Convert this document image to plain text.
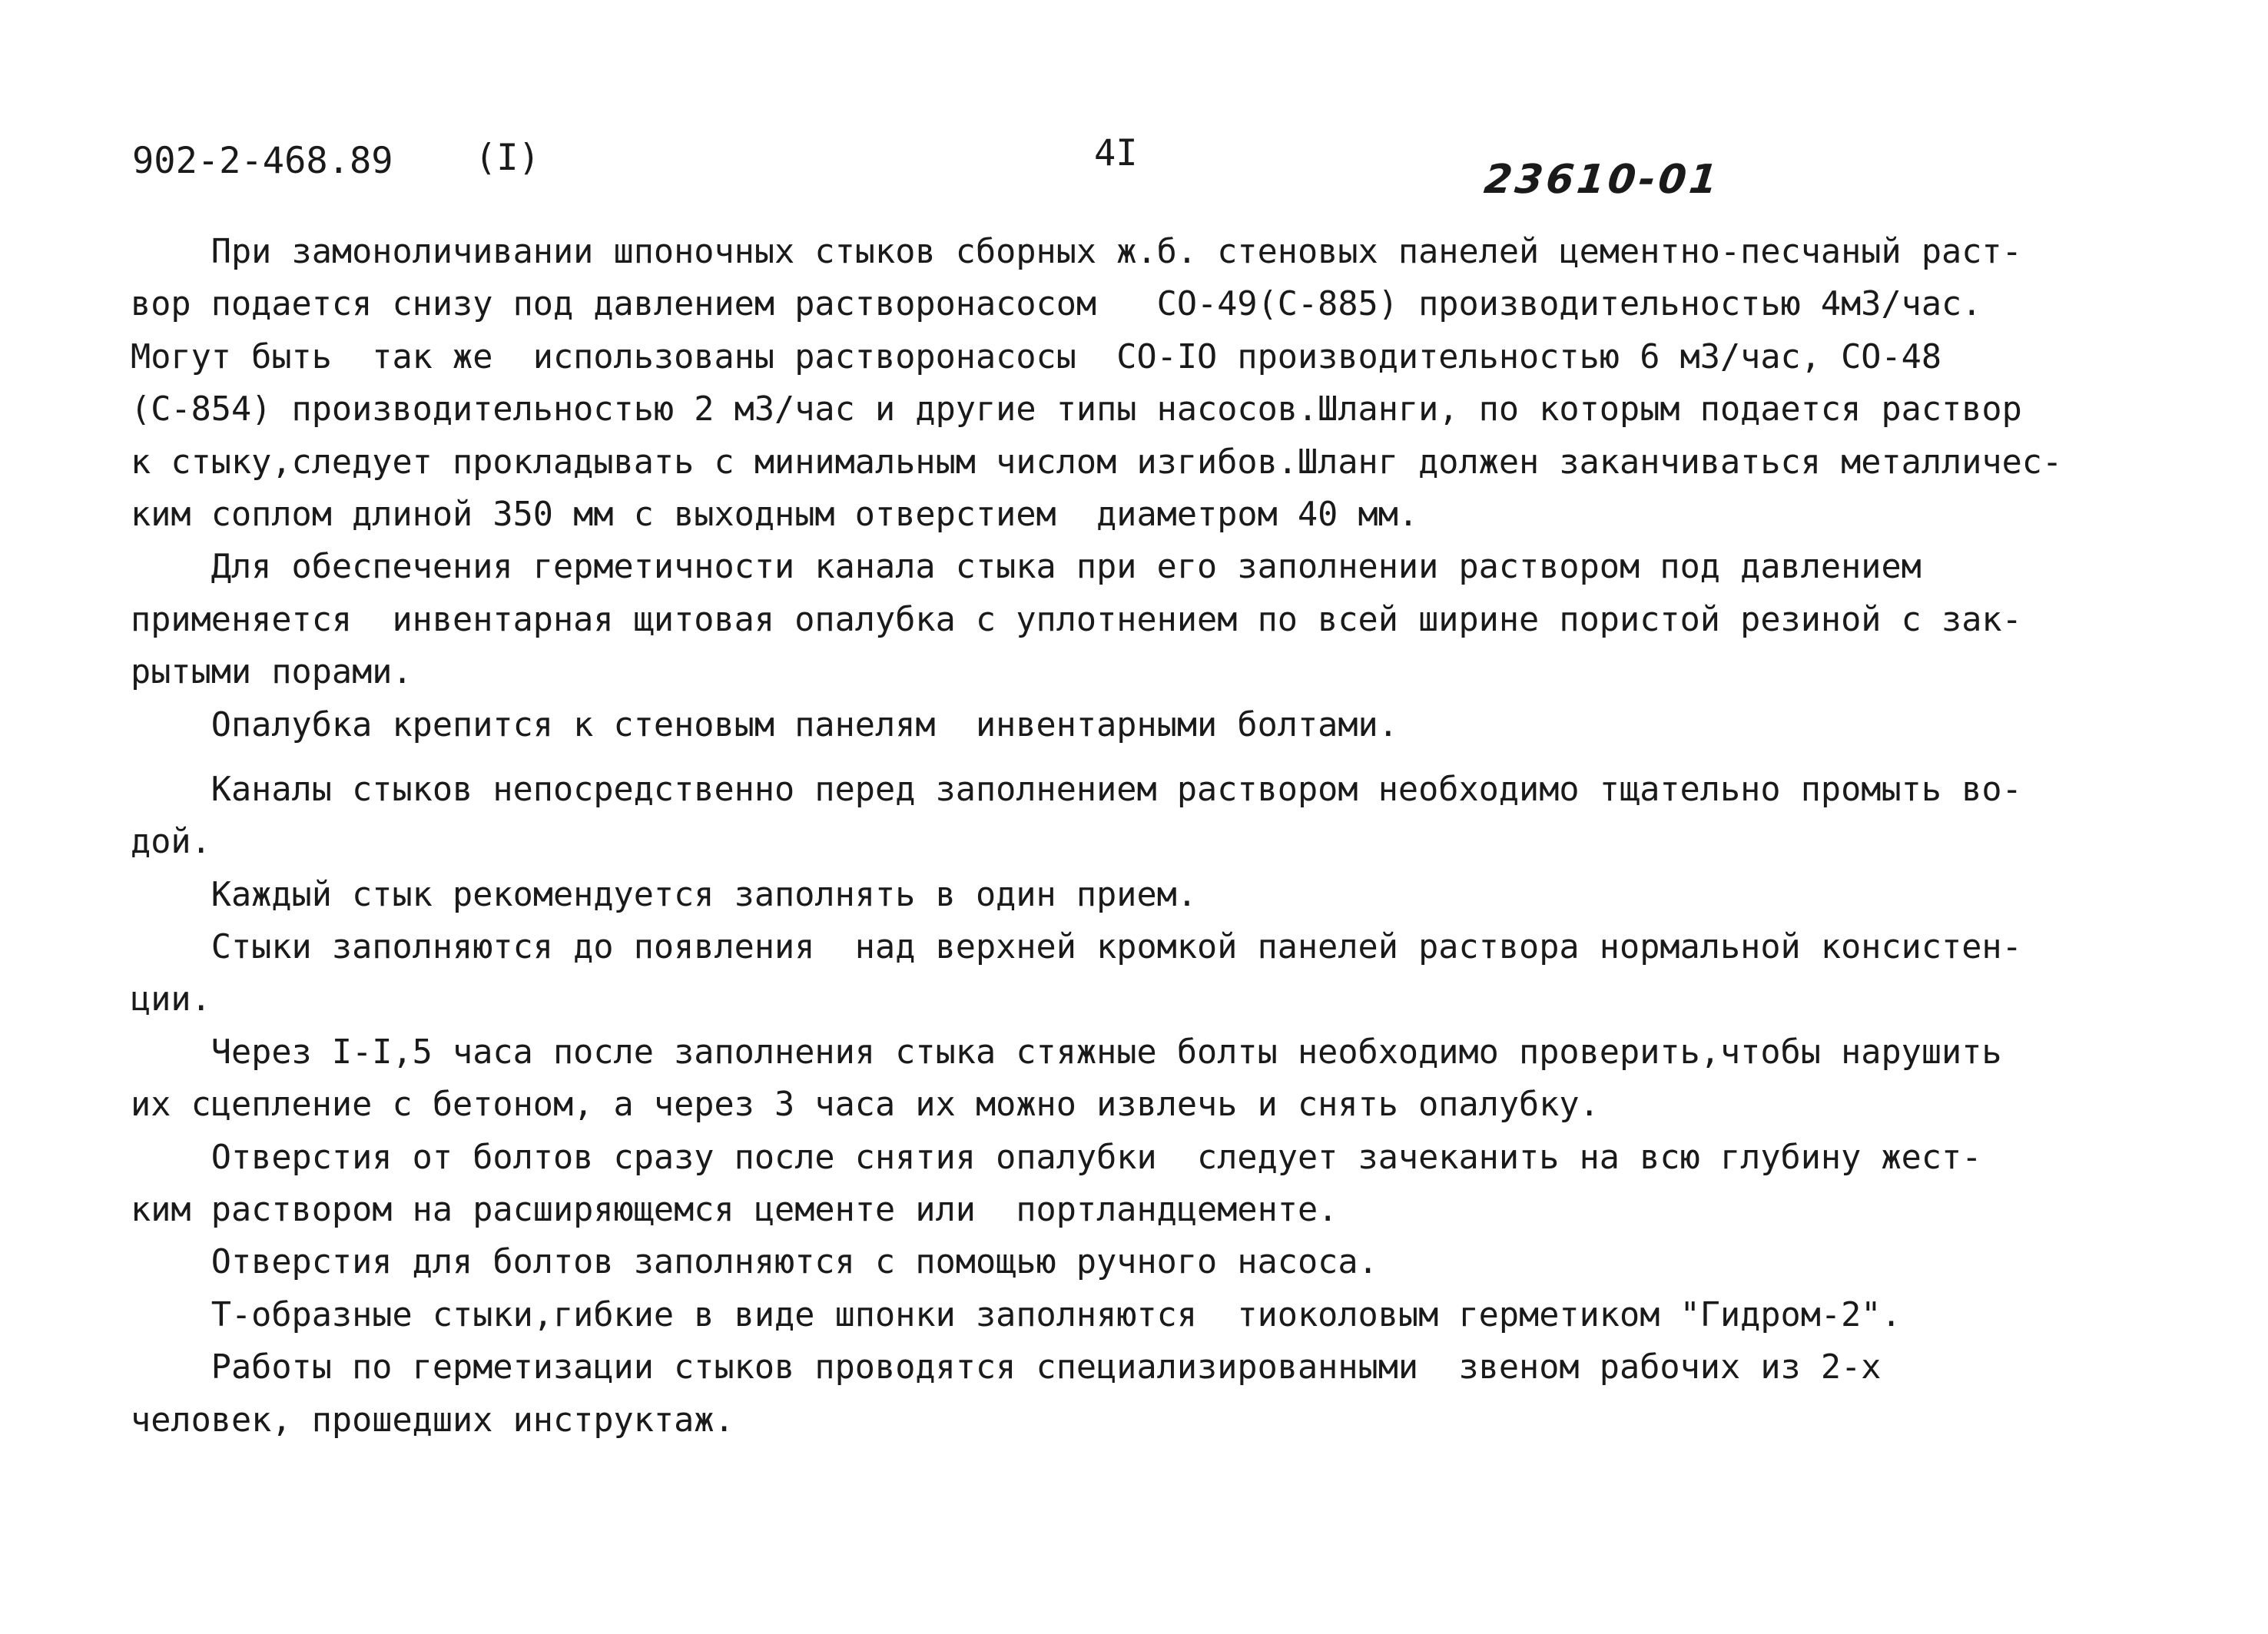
902-2-468.89 (I)	4I
23610-01
При замоноличивании шпоночных стыков сборных ж.б. стеновых панелей цементно-песчаный раст-
вор подается снизу под давлением растворонасосом   СО-49(С-885) производительностью 4м3/час.
Могут быть  так же  использованы растворонасосы  СО-IО производительностью 6 м3/час, СО-48
(С-854) производительностью 2 м3/час и другие типы насосов.Шланги, по которым подается раствор
к стыку,следует прокладывать с минимальным числом изгибов.Шланг должен заканчиваться металличес-
ким соплом длиной 350 мм с выходным отверстием  диаметром 40 мм.
Для обеспечения герметичности канала стыка при его заполнении раствором под давлением
применяется  инвентарная щитовая опалубка с уплотнением по всей ширине пористой резиной с зак-
рытыми порами.
Опалубка крепится к стеновым панелям  инвентарными болтами.
Каналы стыков непосредственно перед заполнением раствором необходимо тщательно промыть во-
дой.
Каждый стык рекомендуется заполнять в один прием.
Стыки заполняются до появления  над верхней кромкой панелей раствора нормальной консистен-
ции.
Через I-I,5 часа после заполнения стыка стяжные болты необходимо проверить,чтобы нарушить
их сцепление с бетоном, а через 3 часа их можно извлечь и снять опалубку.
Отверстия от болтов сразу после снятия опалубки  следует зачеканить на всю глубину жест-
ким раствором на расширяющемся цементе или  портландцементе.
Отверстия для болтов заполняются с помощью ручного насоса.
Т-образные стыки,гибкие в виде шпонки заполняются  тиоколовым герметиком "Гидром-2".
Работы по герметизации стыков проводятся специализированными  звеном рабочих из 2-х
человек, прошедших инструктаж.
